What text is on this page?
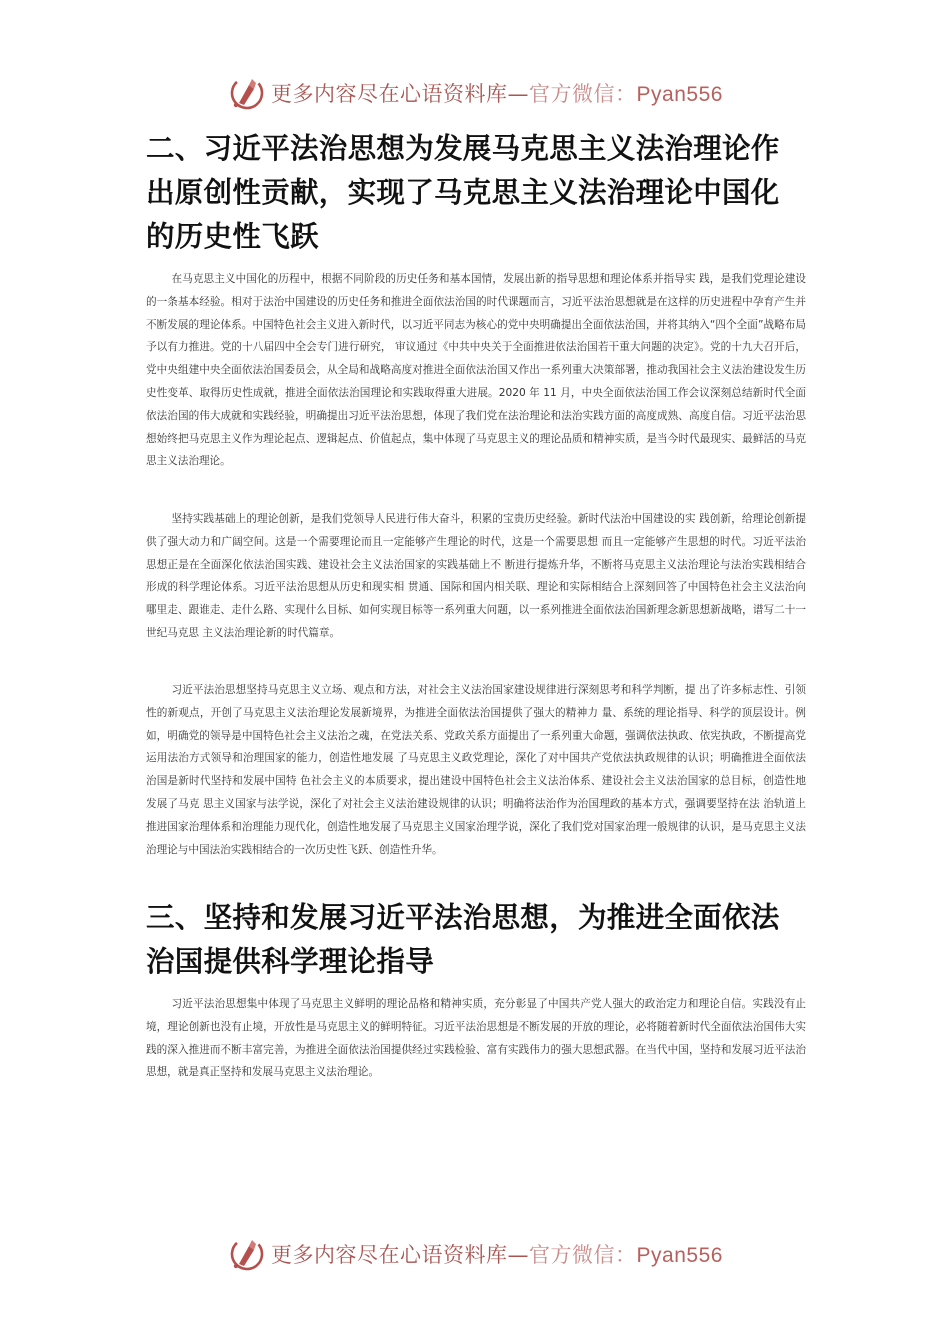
更多内容尽在心语资料库—官方微信：Pyan556
二、习近平法治思想为发展马克思主义法治理论作出原创性贡献，实现了马克思主义法治理论中国化的历史性飞跃

在马克思主义中国化的历程中，根据不同阶段的历史任务和基本国情，发展出新的指导思想和理论体系并指导实 践，是我们党理论建设的一条基本经验。相对于法治中国建设的历史任务和推进全面依法治国的时代课题而言，习近平法治思想就是在这样的历史进程中孕育产生并不断发展的理论体系。中国特色社会主义进入新时代，以习近平同志为核心的党中央明确提出全面依法治国，并将其纳入“四个全面”战略布局予以有力推进。党的十八届四中全会专门进行研究， 审议通过《中共中央关于全面推进依法治国若干重大问题的决定》。党的十九大召开后，党中央组建中央全面依法治国委员会，从全局和战略高度对推进全面依法治国又作出一系列重大决策部署，推动我国社会主义法治建设发生历史性变革、取得历史性成就，推进全面依法治国理论和实践取得重大进展。2020 年 11 月，中央全面依法治国工作会议深刻总结新时代全面依法治国的伟大成就和实践经验，明确提出习近平法治思想，体现了我们党在法治理论和法治实践方面的高度成熟、高度自信。习近平法治思想始终把马克思主义作为理论起点、逻辑起点、价值起点，集中体现了马克思主义的理论品质和精神实质，是当今时代最现实、最鲜活的马克思主义法治理论。

坚持实践基础上的理论创新，是我们党领导人民进行伟大奋斗，积累的宝贵历史经验。新时代法治中国建设的实 践创新，给理论创新提供了强大动力和广阔空间。这是一个需要理论而且一定能够产生理论的时代，这是一个需要思想 而且一定能够产生思想的时代。习近平法治思想正是在全面深化依法治国实践、建设社会主义法治国家的实践基础上不 断进行提炼升华，不断将马克思主义法治理论与法治实践相结合形成的科学理论体系。习近平法治思想从历史和现实相 贯通、国际和国内相关联、理论和实际相结合上深刻回答了中国特色社会主义法治向哪里走、跟谁走、走什么路、实现什么目标、如何实现目标等一系列重大问题，以一系列推进全面依法治国新理念新思想新战略，谱写二十一世纪马克思 主义法治理论新的时代篇章。

习近平法治思想坚持马克思主义立场、观点和方法，对社会主义法治国家建设规律进行深刻思考和科学判断，提 出了许多标志性、引领性的新观点，开创了马克思主义法治理论发展新境界，为推进全面依法治国提供了强大的精神力 量、系统的理论指导、科学的顶层设计。例如，明确党的领导是中国特色社会主义法治之魂，在党法关系、党政关系方面提出了一系列重大命题，强调依法执政、依宪执政，不断提高党运用法治方式领导和治理国家的能力，创造性地发展 了马克思主义政党理论，深化了对中国共产党依法执政规律的认识；明确推进全面依法治国是新时代坚持和发展中国特 色社会主义的本质要求，提出建设中国特色社会主义法治体系、建设社会主义法治国家的总目标，创造性地发展了马克 思主义国家与法学说，深化了对社会主义法治建设规律的认识；明确将法治作为治国理政的基本方式，强调要坚持在法 治轨道上推进国家治理体系和治理能力现代化，创造性地发展了马克思主义国家治理学说，深化了我们党对国家治理一般规律的认识，是马克思主义法治理论与中国法治实践相结合的一次历史性飞跃、创造性升华。

三、坚持和发展习近平法治思想，为推进全面依法治国提供科学理论指导

习近平法治思想集中体现了马克思主义鲜明的理论品格和精神实质，充分彰显了中国共产党人强大的政治定力和理论自信。实践没有止境，理论创新也没有止境，开放性是马克思主义的鲜明特征。习近平法治思想是不断发展的开放的理论，必将随着新时代全面依法治国伟大实践的深入推进而不断丰富完善，为推进全面依法治国提供经过实践检验、富有实践伟力的强大思想武器。在当代中国，坚持和发展习近平法治思想，就是真正坚持和发展马克思主义法治理论。

更多内容尽在心语资料库—官方微信：Pyan556
